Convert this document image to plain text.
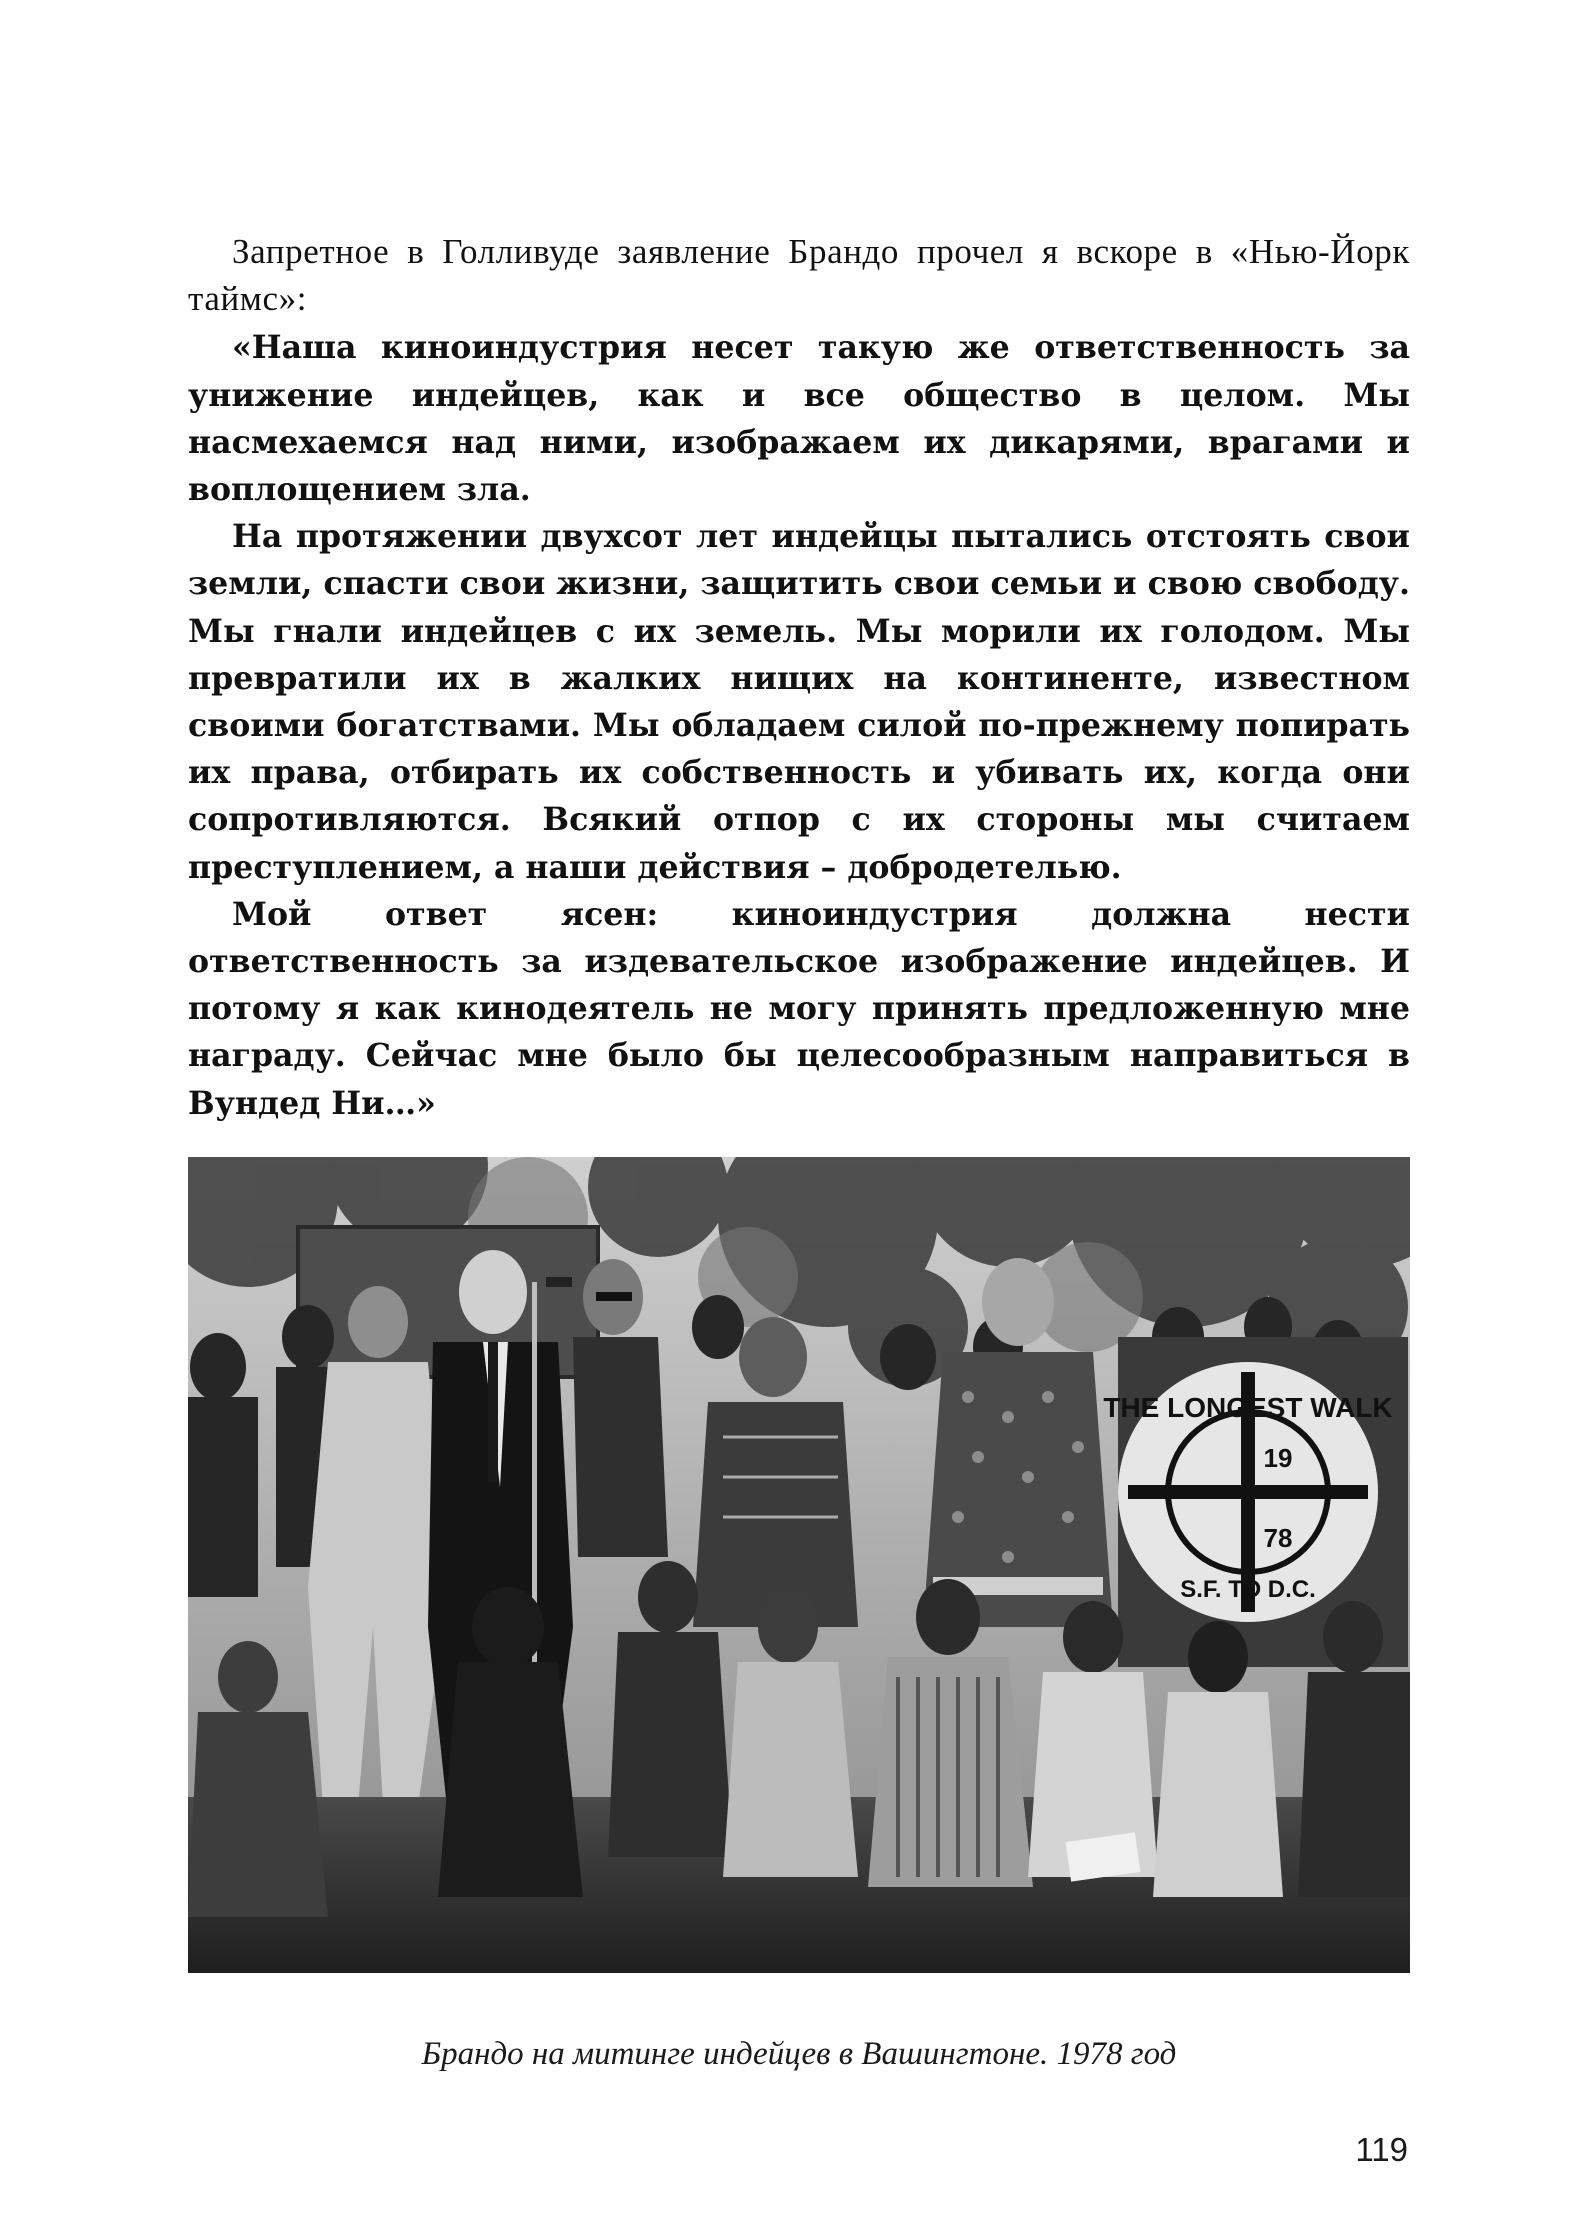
Запретное в Голливуде заявление Брандо прочел я вскоре в «Нью-Йорк таймс»:

«Наша киноиндустрия несет такую же ответственность за унижение индейцев, как и все общество в целом. Мы насмехаемся над ними, изображаем их дикарями, врагами и воплощением зла.

На протяжении двухсот лет индейцы пытались отстоять свои земли, спасти свои жизни, защитить свои семьи и свою свободу. Мы гнали индейцев с их земель. Мы морили их голодом. Мы превратили их в жалких нищих на континенте, известном своими богатствами. Мы обладаем силой по-прежнему попирать их права, отбирать их собственность и убивать их, когда они сопротивляются. Всякий отпор с их стороны мы считаем преступлением, а наши действия – добродетелью.

Мой ответ ясен: киноиндустрия должна нести ответственность за издевательское изображение индейцев. И потому я как кинодеятель не могу принять предложенную мне награду. Сейчас мне было бы целесообразным направиться в Вундед Ни…»

THE LONGEST WALK
19
78
S.F. TO D.C.
Брандо на митинге индейцев в Вашингтоне. 1978 год
119
